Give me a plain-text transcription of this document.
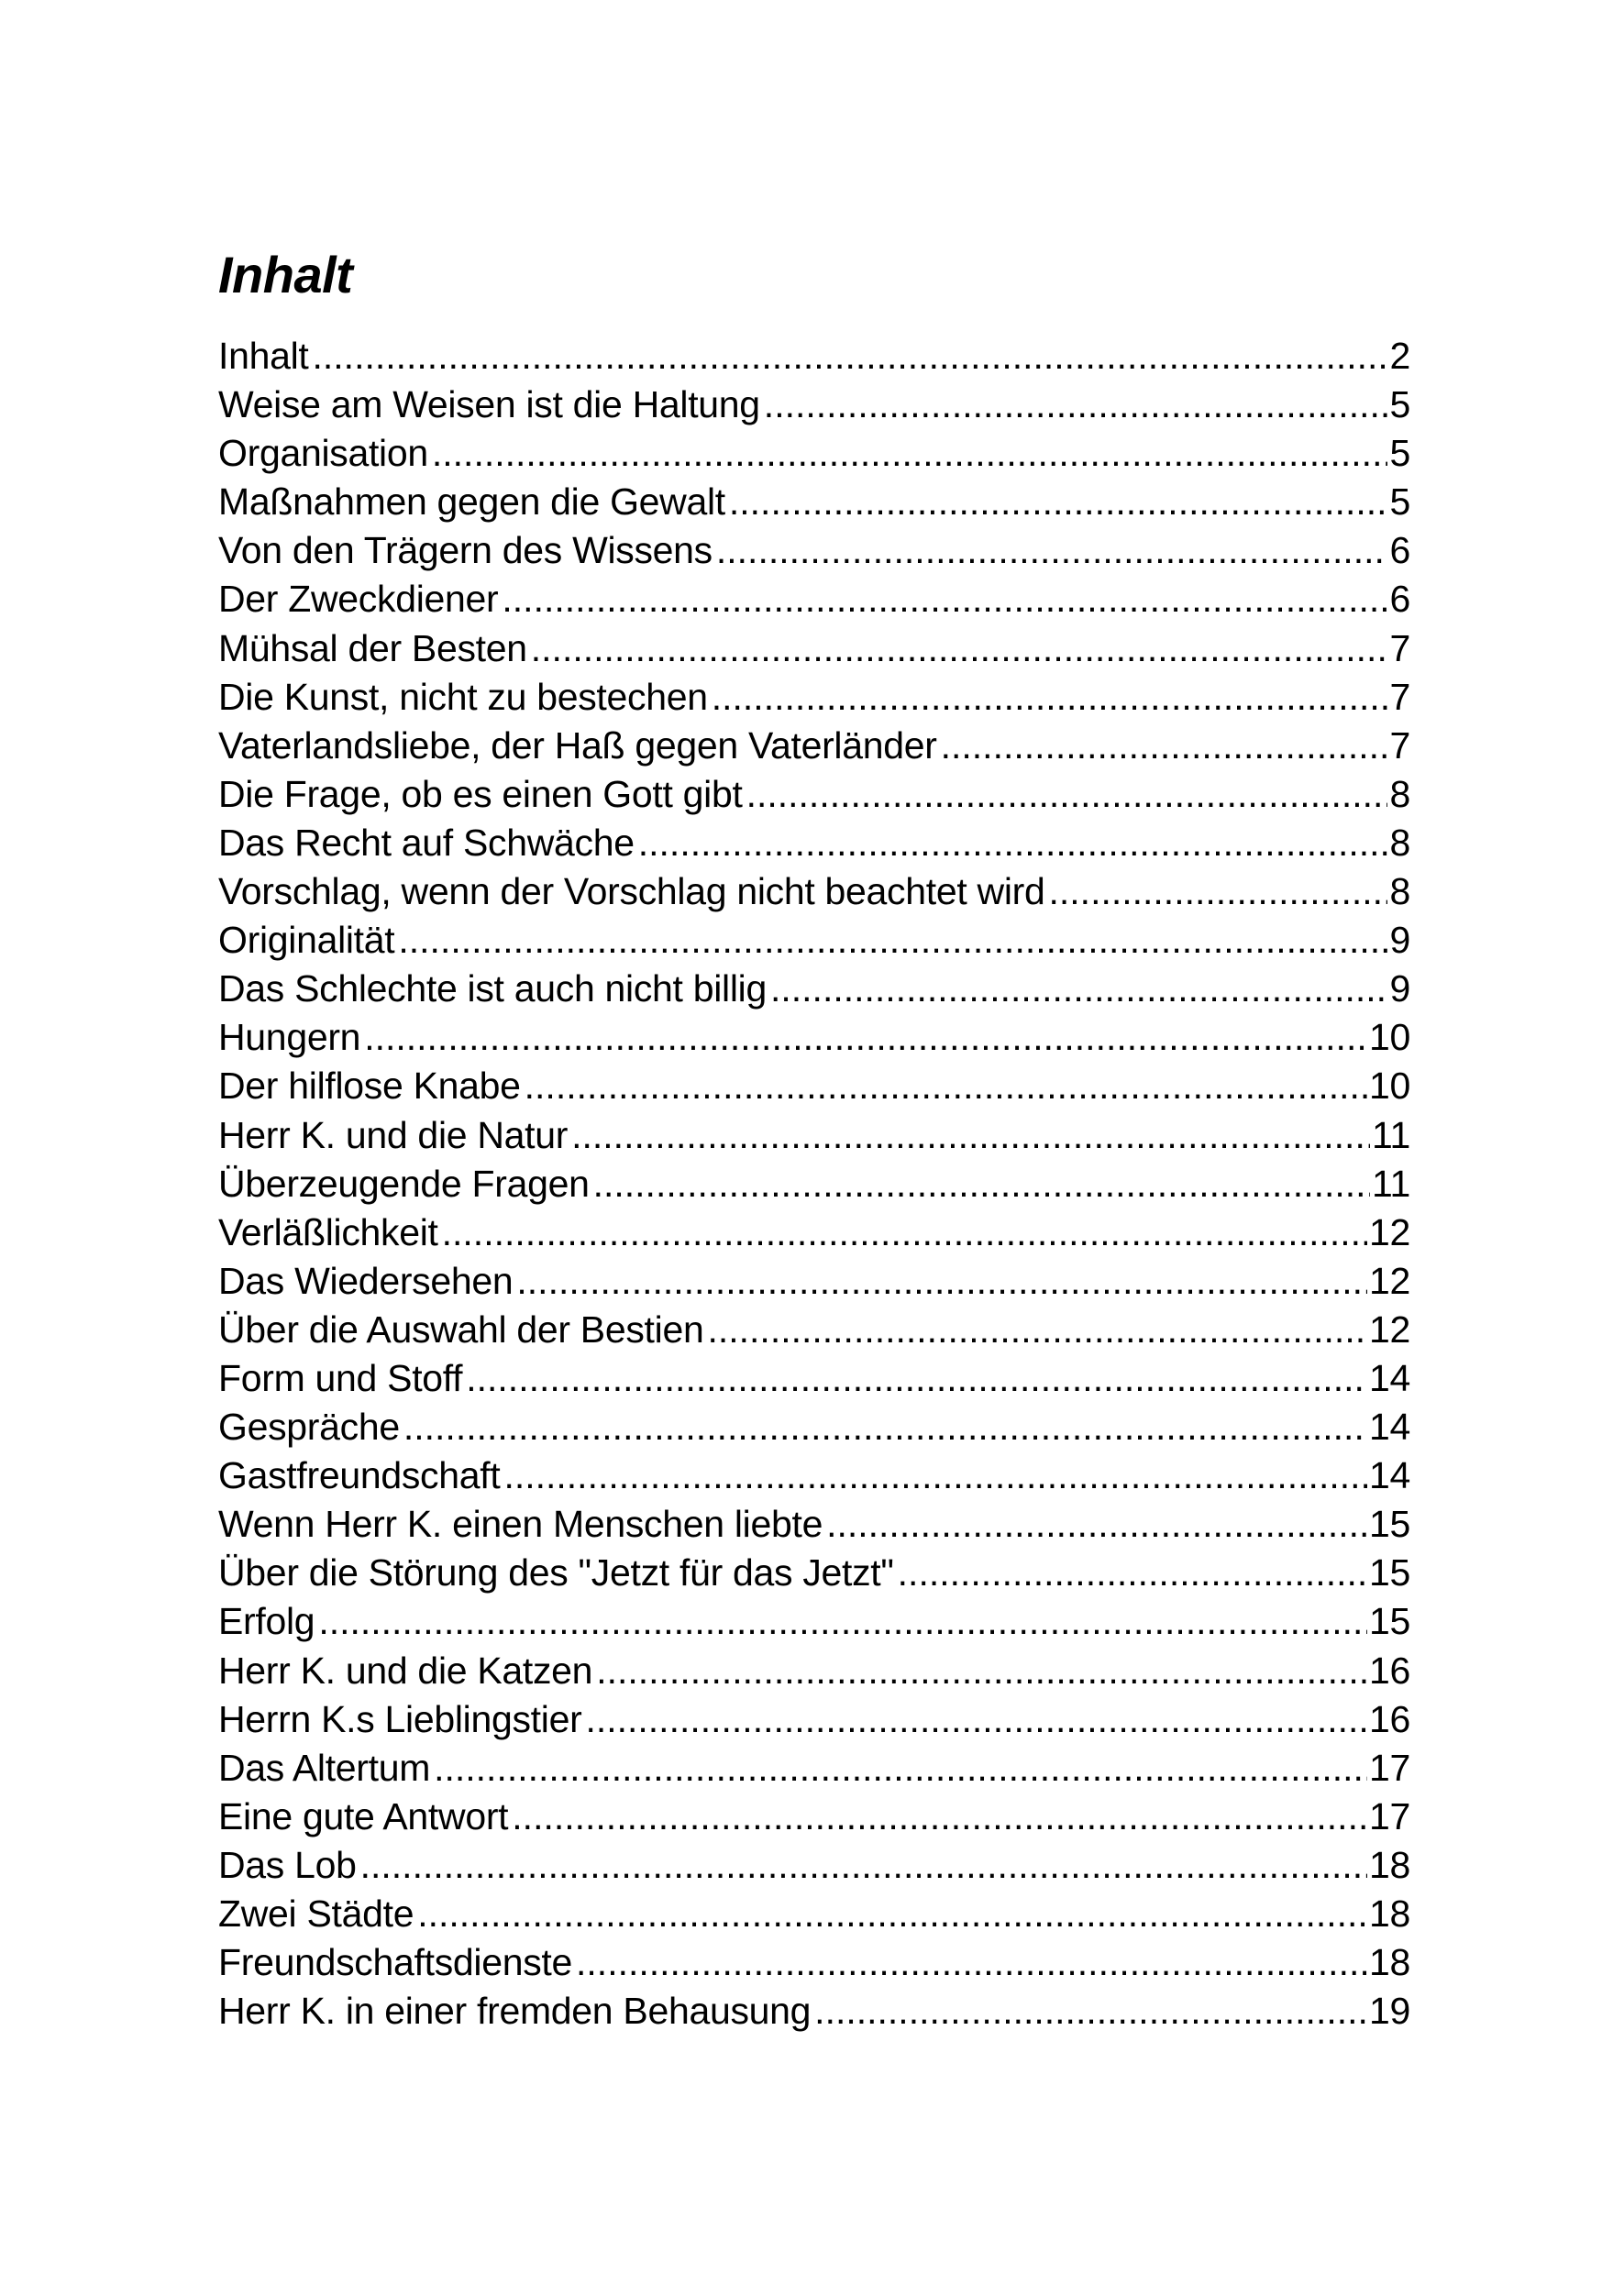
Inhalt
Inhalt .....	2
Weise am Weisen ist die Haltung .....	5
Organisation .....	5
Maßnahmen gegen die Gewalt .....	5
Von den Trägern des Wissens .....	6
Der Zweckdiener .....	6
Mühsal der Besten .....	7
Die Kunst, nicht zu bestechen .....	7
Vaterlandsliebe, der Haß gegen Vaterländer .....	7
Die Frage, ob es einen Gott gibt .....	8
Das Recht auf Schwäche .....	8
Vorschlag, wenn der Vorschlag nicht beachtet wird .....	8
Originalität .....	9
Das Schlechte ist auch nicht billig .....	9
Hungern .....	10
Der hilflose Knabe .....	10
Herr K. und die Natur .....	11
Überzeugende Fragen .....	11
Verläßlichkeit .....	12
Das Wiedersehen .....	12
Über die Auswahl der Bestien .....	12
Form und Stoff .....	14
Gespräche .....	14
Gastfreundschaft .....	14
Wenn Herr K. einen Menschen liebte .....	15
Über die Störung des "Jetzt für das Jetzt" .....	15
Erfolg .....	15
Herr K. und die Katzen .....	16
Herrn K.s Lieblingstier .....	16
Das Altertum .....	17
Eine gute Antwort .....	17
Das Lob .....	18
Zwei Städte .....	18
Freundschaftsdienste .....	18
Herr K. in einer fremden Behausung .....	19
